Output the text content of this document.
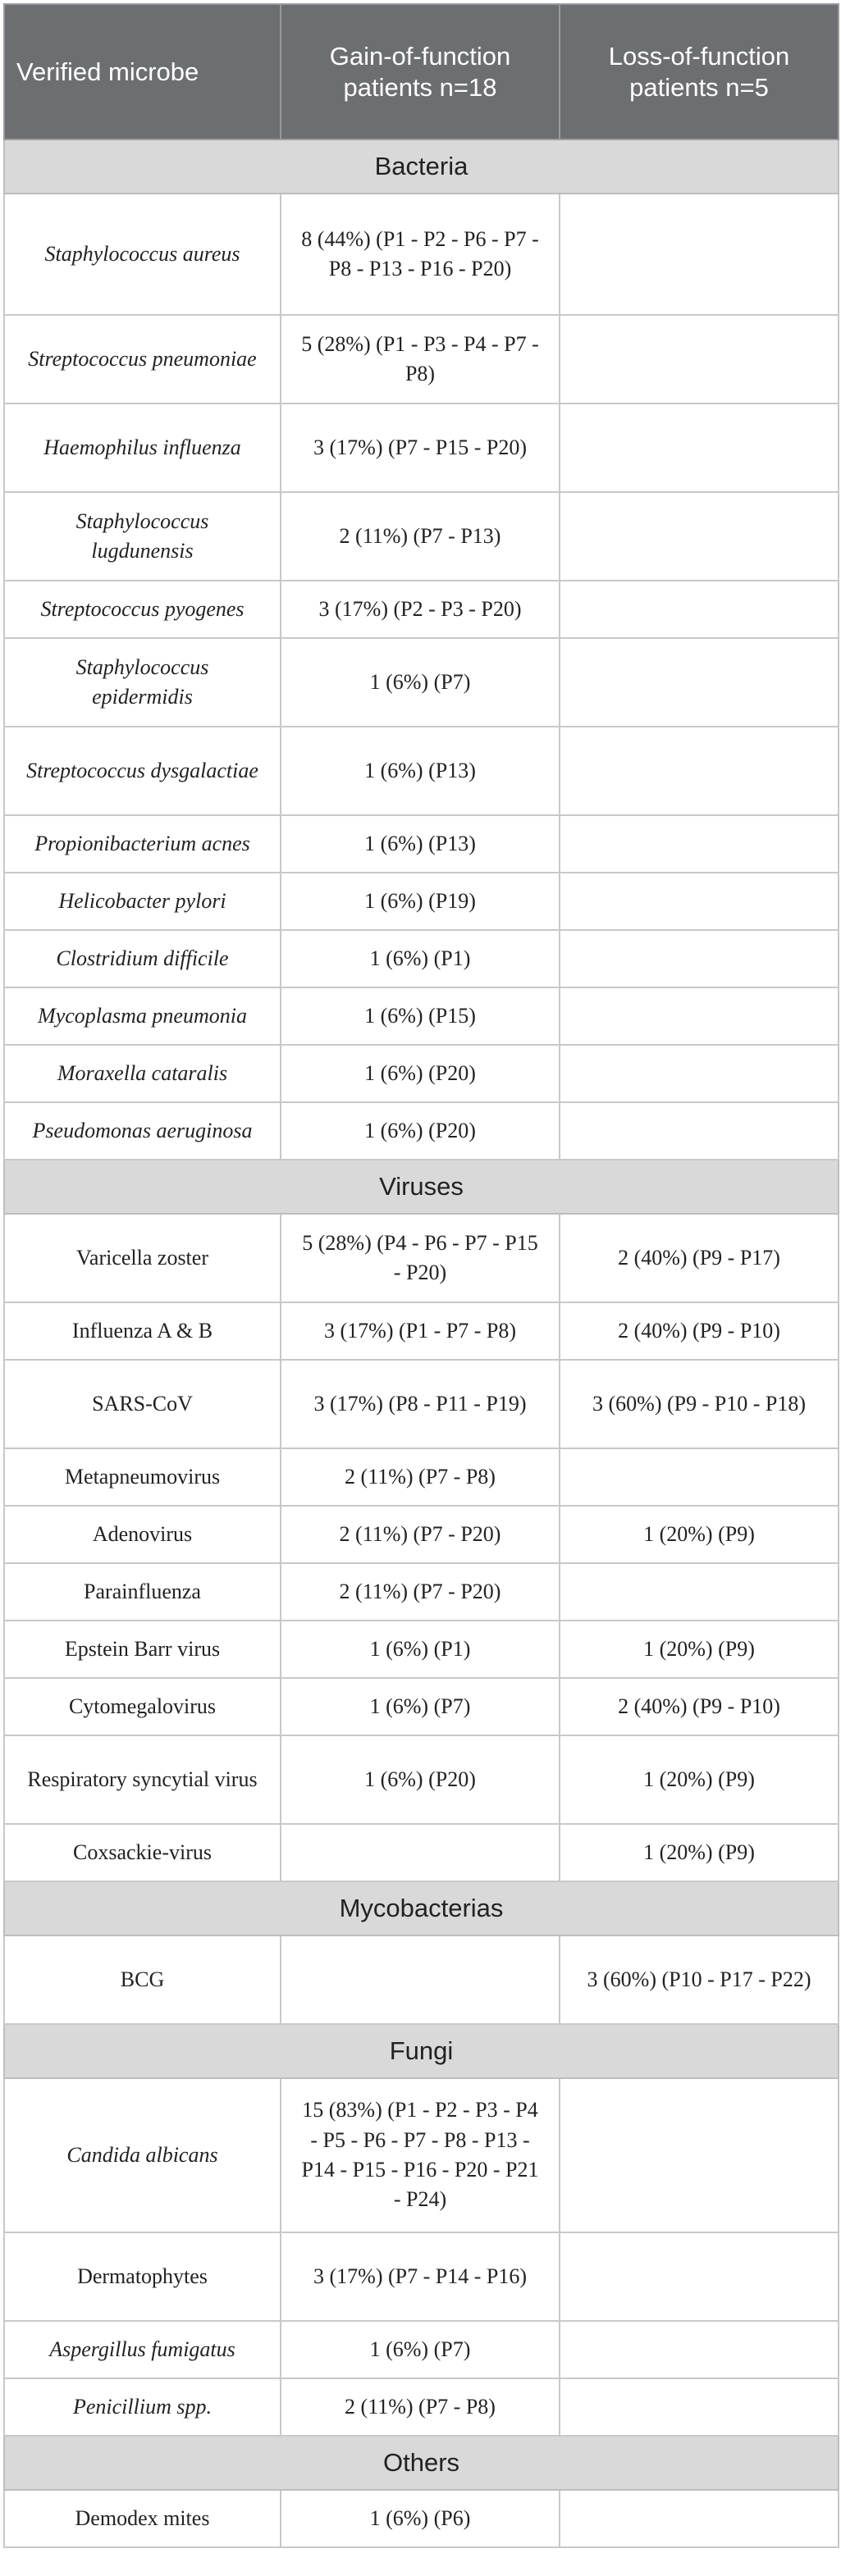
Verified microbe	Gain-of-function patients n=18	Loss-of-function patients n=5
Bacteria		
Staphylococcus aureus	8 (44%) (P1 - P2 - P6 - P7 - P8 - P13 - P16 - P20)	
Streptococcus pneumoniae	5 (28%) (P1 - P3 - P4 - P7 - P8)	
Haemophilus influenza	3 (17%) (P7 - P15 - P20)	
Staphylococcus lugdunensis	2 (11%) (P7 - P13)	
Streptococcus pyogenes	3 (17%) (P2 - P3 - P20)	
Staphylococcus epidermidis	1 (6%) (P7)	
Streptococcus dysgalactiae	1 (6%) (P13)	
Propionibacterium acnes	1 (6%) (P13)	
Helicobacter pylori	1 (6%) (P19)	
Clostridium difficile	1 (6%) (P1)	
Mycoplasma pneumonia	1 (6%) (P15)	
Moraxella cataralis	1 (6%) (P20)	
Pseudomonas aeruginosa	1 (6%) (P20)	
Viruses		
Varicella zoster	5 (28%) (P4 - P6 - P7 - P15 - P20)	2 (40%) (P9 - P17)
Influenza A & B	3 (17%) (P1 - P7 - P8)	2 (40%) (P9 - P10)
SARS-CoV	3 (17%) (P8 - P11 - P19)	3 (60%) (P9 - P10 - P18)
Metapneumovirus	2 (11%) (P7 - P8)	
Adenovirus	2 (11%) (P7 - P20)	1 (20%) (P9)
Parainfluenza	2 (11%) (P7 - P20)	
Epstein Barr virus	1 (6%) (P1)	1 (20%) (P9)
Cytomegalovirus	1 (6%) (P7)	2 (40%) (P9 - P10)
Respiratory syncytial virus	1 (6%) (P20)	1 (20%) (P9)
Coxsackie-virus		1 (20%) (P9)
Mycobacterias		
BCG		3 (60%) (P10 - P17 - P22)
Fungi		
Candida albicans	15 (83%) (P1 - P2 - P3 - P4 - P5 - P6 - P7 - P8 - P13 - P14 - P15 - P16 - P20 - P21 - P24)	
Dermatophytes	3 (17%) (P7 - P14 - P16)	
Aspergillus fumigatus	1 (6%) (P7)	
Penicillium spp.	2 (11%) (P7 - P8)	
Others		
Demodex mites	1 (6%) (P6)	
